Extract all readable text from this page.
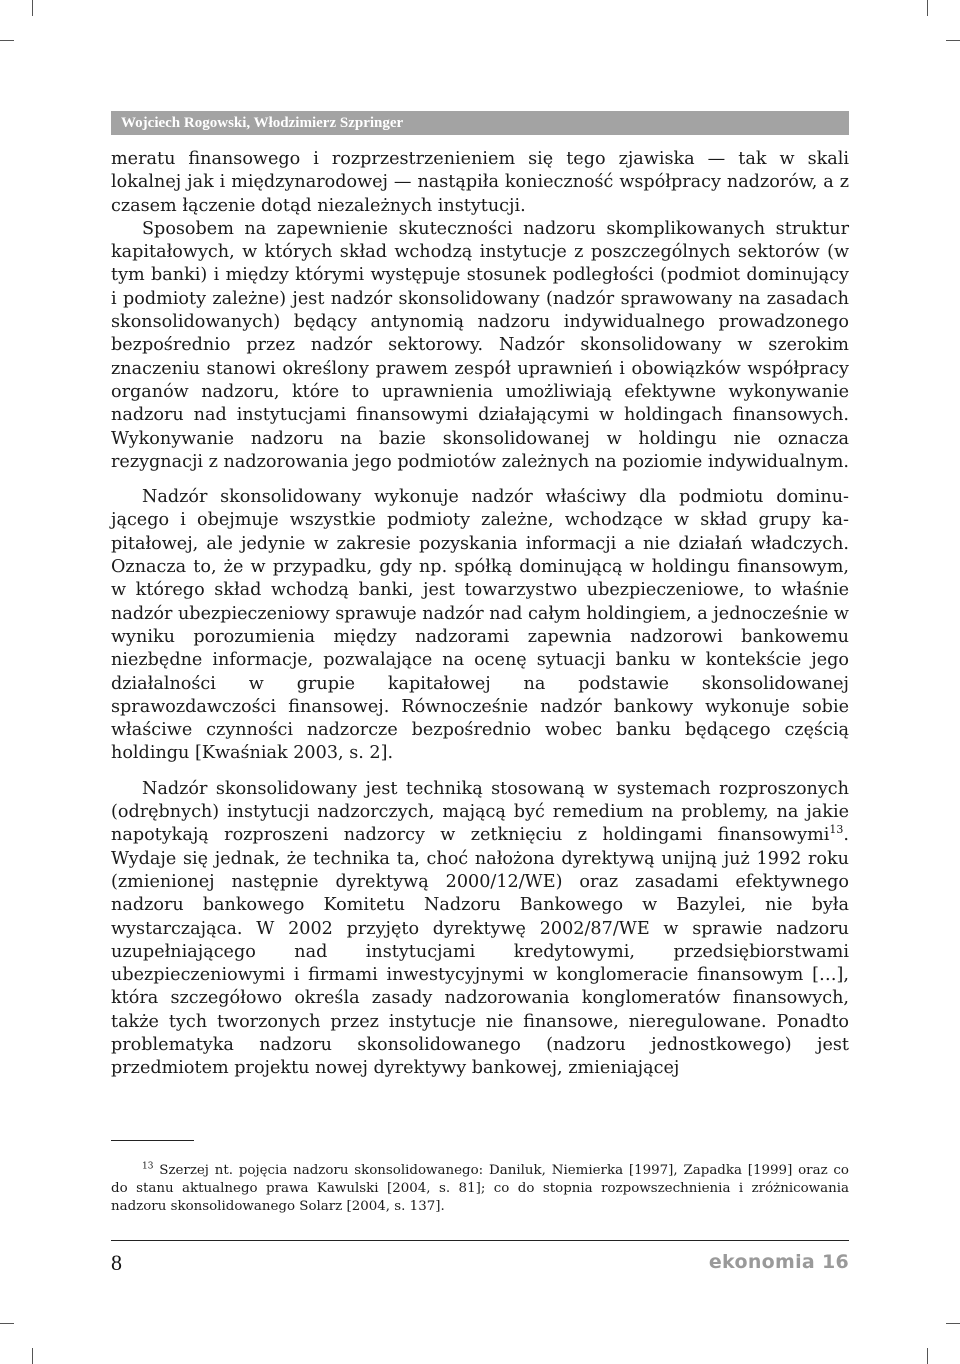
Wojciech Rogowski, Włodzimierz Szpringer

meratu finansowego i rozprzestrzenieniem się tego zjawiska — tak w skali lokalnej jak i międzynarodowej — nastąpiła konieczność współpracy nadzorów, a z czasem łączenie dotąd niezależnych instytucji.

Sposobem na zapewnienie skuteczności nadzoru skomplikowanych struktur kapitałowych, w których skład wchodzą instytucje z poszczególnych sektorów (w tym banki) i między którymi występuje stosunek podległości (podmiot dominujący i podmioty zależne) jest nadzór skonsolidowany (nadzór sprawowany na zasadach skonsolidowanych) będący antynomią nadzoru indywidualnego prowadzonego bezpośrednio przez nadzór sektorowy. Nadzór skonsolidowany w szerokim znaczeniu stanowi określony prawem zespół uprawnień i obowiązków współpracy organów nadzoru, które to uprawnienia umożliwiają efektywne wykonywanie nadzoru nad instytucjami finansowymi działającymi w holdingach finansowych. Wykonywanie nadzoru na bazie skonsolidowanej w holdingu nie oznacza rezygnacji z nadzorowania jego podmiotów zależnych na poziomie indywidualnym.

Nadzór skonsolidowany wykonuje nadzór właściwy dla podmiotu dominującego i obejmuje wszystkie podmioty zależne, wchodzące w skład grupy kapitałowej, ale jedynie w zakresie pozyskania informacji a nie działań władczych. Oznacza to, że w przypadku, gdy np. spółką dominującą w holdingu finansowym, w którego skład wchodzą banki, jest towarzystwo ubezpieczeniowe, to właśnie nadzór ubezpieczeniowy sprawuje nadzór nad całym holdingiem, a jednocześnie w wyniku porozumienia między nadzorami zapewnia nadzorowi bankowemu niezbędne informacje, pozwalające na ocenę sytuacji banku w kontekście jego działalności w grupie kapitałowej na podstawie skonsolidowanej sprawozdawczości finansowej. Równocześnie nadzór bankowy wykonuje sobie właściwe czynności nadzorcze bezpośrednio wobec banku będącego częścią holdingu [Kwaśniak 2003, s. 2].

Nadzór skonsolidowany jest techniką stosowaną w systemach rozproszonych (odrębnych) instytucji nadzorczych, mającą być remedium na problemy, na jakie napotykają rozproszeni nadzorcy w zetknięciu z holdingami finansowymi$^{13}$. Wydaje się jednak, że technika ta, choć nałożona dyrektywą unijną już 1992 roku (zmienionej następnie dyrektywą 2000/12/WE) oraz zasadami efektywnego nadzoru bankowego Komitetu Nadzoru Bankowego w Bazylei, nie była wystarczająca. W 2002 przyjęto dyrektywę 2002/87/WE w sprawie nadzoru uzupełniającego nad instytucjami kredytowymi, przedsiębiorstwami ubezpieczeniowymi i firmami inwestycyjnymi w konglomeracie finansowym […], która szczegółowo określa zasady nadzorowania konglomeratów finansowych, także tych tworzonych przez instytucje nie finansowe, nieregulowane. Ponadto problematyka nadzoru skonsolidowanego (nadzoru jednostkowego) jest przedmiotem projektu nowej dyrektywy bankowej, zmieniającej

$^{13}$ Szerzej nt. pojęcia nadzoru skonsolidowanego: Daniluk, Niemierka [1997], Zapadka [1999] oraz co do stanu aktualnego prawa Kawulski [2004, s. 81]; co do stopnia rozpowszechnienia i zróżnicowania nadzoru skonsolidowanego Solarz [2004, s. 137].

8	ekonomia 16
